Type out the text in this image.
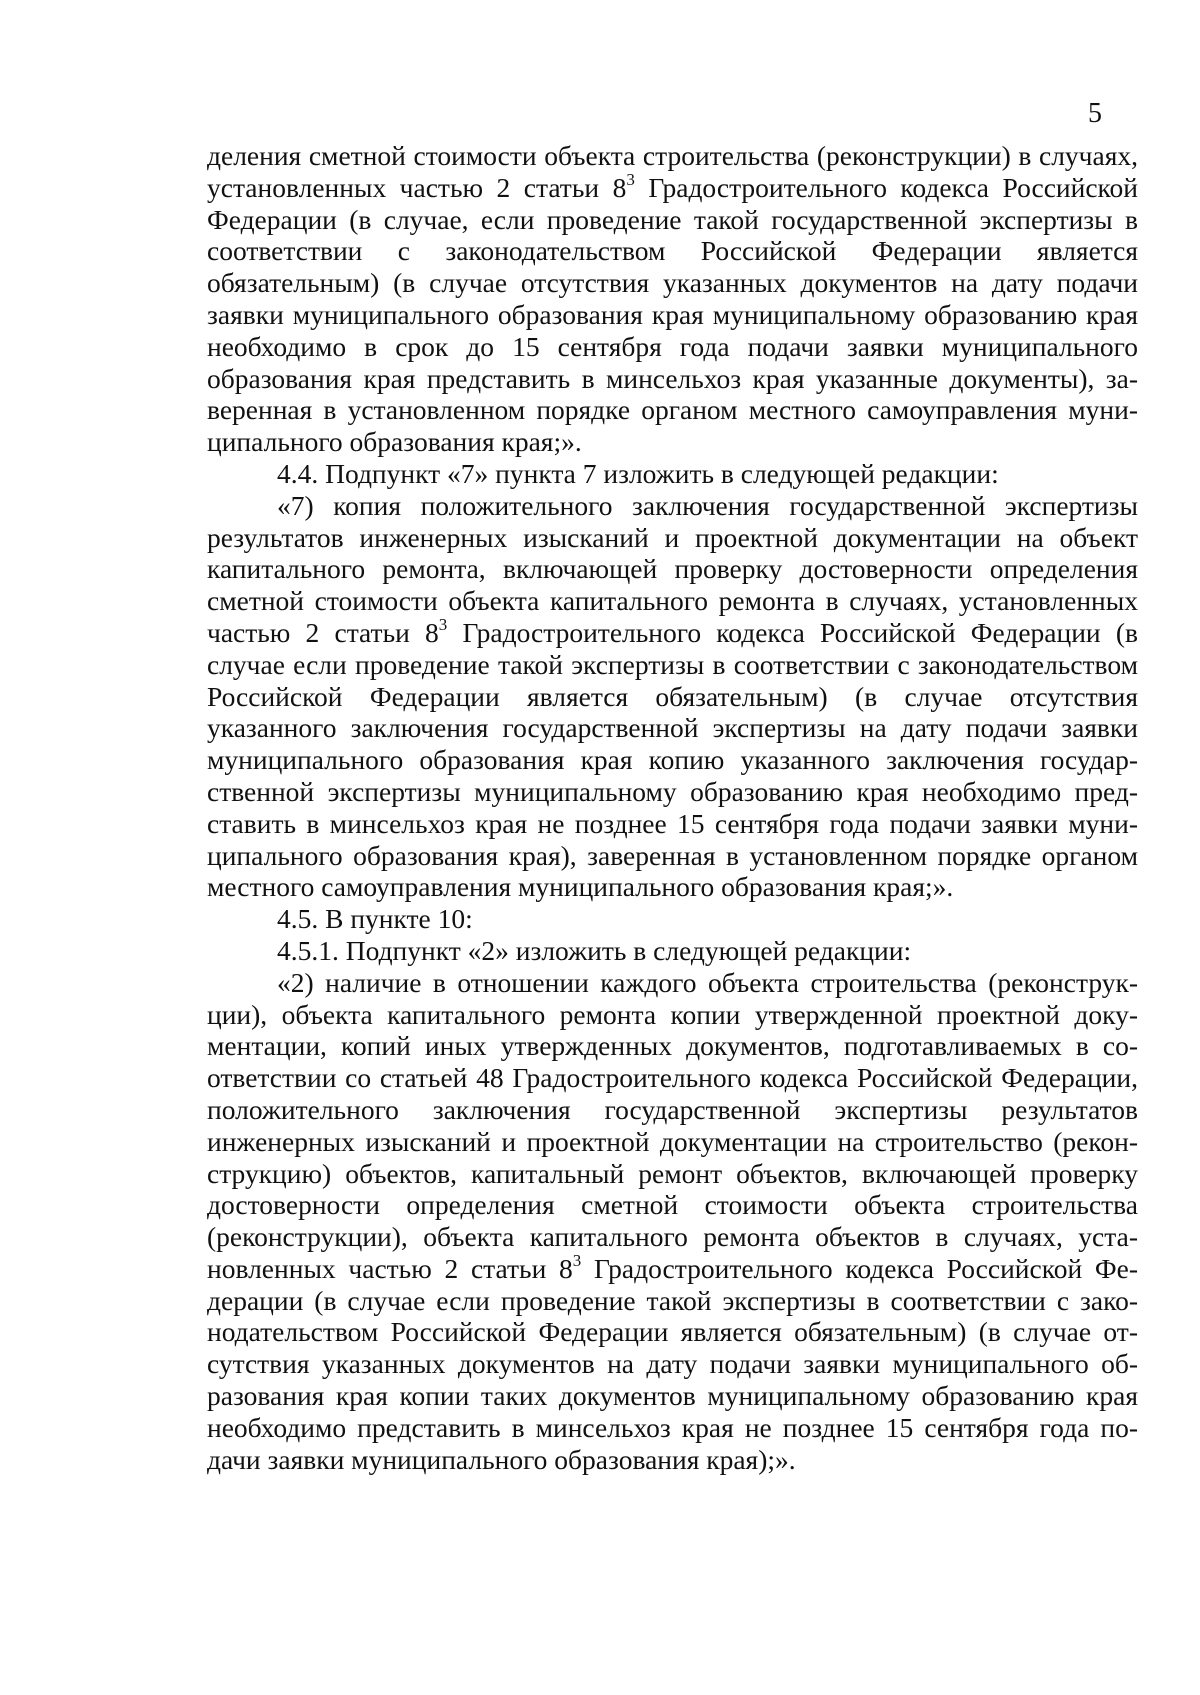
5

деления сметной стоимости объекта строительства (реконструкции) в случаях, установленных частью 2 статьи $8^3$ Градостроительного кодекса Российской Федерации (в случае, если проведение такой государственной экспертизы в соответствии с законодательством Российской Федерации является обязательным) (в случае отсутствия указанных документов на дату подачи заявки муниципального образования края муниципальному образованию края необходимо в срок до 15 сентября года подачи заявки муниципального образования края представить в минсельхоз края указанные документы), заверенная в установленном порядке органом местного самоуправления муниципального образования края;».

4.4. Подпункт «7» пункта 7 изложить в следующей редакции:

«7) копия положительного заключения государственной экспертизы результатов инженерных изысканий и проектной документации на объект капитального ремонта, включающей проверку достоверности определения сметной стоимости объекта капитального ремонта в случаях, установленных частью 2 статьи $8^3$ Градостроительного кодекса Российской Федерации (в случае если проведение такой экспертизы в соответствии с законодательством Российской Федерации является обязательным) (в случае отсутствия указанного заключения государственной экспертизы на дату подачи заявки муниципального образования края копию указанного заключения государственной экспертизы муниципальному образованию края необходимо представить в минсельхоз края не позднее 15 сентября года подачи заявки муниципального образования края), заверенная в установленном порядке органом местного самоуправления муниципального образования края;».

4.5. В пункте 10:

4.5.1. Подпункт «2» изложить в следующей редакции:

«2) наличие в отношении каждого объекта строительства (реконструкции), объекта капитального ремонта копии утвержденной проектной документации, копий иных утвержденных документов, подготавливаемых в соответствии со статьей 48 Градостроительного кодекса Российской Федерации, положительного заключения государственной экспертизы результатов инженерных изысканий и проектной документации на строительство (реконструкцию) объектов, капитальный ремонт объектов, включающей проверку достоверности определения сметной стоимости объекта строительства (реконструкции), объекта капитального ремонта объектов в случаях, установленных частью 2 статьи $8^3$ Градостроительного кодекса Российской Федерации (в случае если проведение такой экспертизы в соответствии с законодательством Российской Федерации является обязательным) (в случае отсутствия указанных документов на дату подачи заявки муниципального образования края копии таких документов муниципальному образованию края необходимо представить в минсельхоз края не позднее 15 сентября года подачи заявки муниципального образования края);».
